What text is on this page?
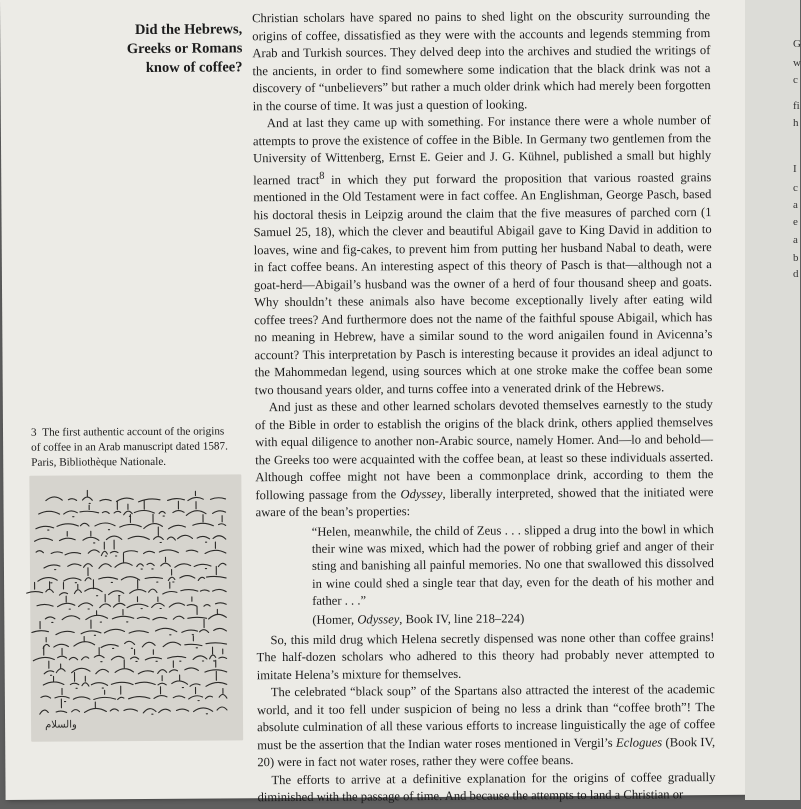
Did the Hebrews,
Greeks or Romans
know of coffee?

Christian scholars have spared no pains to shed light on the obscurity surrounding the origins of coffee, dissatisfied as they were with the accounts and legends stemming from Arab and Turkish sources. They delved deep into the archives and studied the writings of the ancients, in order to find somewhere some indication that the black drink was not a discovery of “unbelievers” but rather a much older drink which had merely been forgotten in the course of time. It was just a question of looking.

And at last they came up with something. For instance there were a whole number of attempts to prove the existence of coffee in the Bible. In Germany two gentlemen from the University of Wittenberg, Ernst E. Geier and J. G. Kühnel, published a small but highly learned tract$^8$ in which they put forward the proposition that various roasted grains mentioned in the Old Testament were in fact coffee. An Englishman, George Pasch, based his doctoral thesis in Leipzig around the claim that the five measures of parched corn (1 Samuel 25, 18), which the clever and beautiful Abigail gave to King David in addition to loaves, wine and fig-cakes, to prevent him from putting her husband Nabal to death, were in fact coffee beans. An interesting aspect of this theory of Pasch is that—although not a goat-herd—Abigail’s husband was the owner of a herd of four thousand sheep and goats. Why shouldn’t these animals also have become exceptionally lively after eating wild coffee trees? And furthermore does not the name of the faithful spouse Abigail, which has no meaning in Hebrew, have a similar sound to the word anigailen found in Avicenna’s account? This interpretation by Pasch is interesting because it provides an ideal adjunct to the Mahommedan legend, using sources which at one stroke make the coffee bean some two thousand years older, and turns coffee into a venerated drink of the Hebrews.

And just as these and other learned scholars devoted themselves earnestly to the study of the Bible in order to establish the origins of the black drink, others applied themselves with equal diligence to another non-Arabic source, namely Homer. And—lo and behold—the Greeks too were acquainted with the coffee bean, at least so these individuals asserted. Although coffee might not have been a commonplace drink, according to them the following passage from the Odyssey, liberally interpreted, showed that the initiated were aware of the bean’s properties:

“Helen, meanwhile, the child of Zeus . . . slipped a drug into the bowl in which their wine was mixed, which had the power of robbing grief and anger of their sting and banishing all painful memories. No one that swallowed this dissolved in wine could shed a single tear that day, even for the death of his mother and father . . .”
(Homer, Odyssey, Book IV, line 218–224)

So, this mild drug which Helena secretly dispensed was none other than coffee grains! The half-dozen scholars who adhered to this theory had probably never attempted to imitate Helena’s mixture for themselves.

The celebrated “black soup” of the Spartans also attracted the interest of the academic world, and it too fell under suspicion of being no less a drink than “coffee broth”! The absolute culmination of all these various efforts to increase linguistically the age of coffee must be the assertion that the Indian water roses mentioned in Vergil’s Eclogues (Book IV, 20) were in fact not water roses, rather they were coffee beans.

The efforts to arrive at a definitive explanation for the origins of coffee gradually diminished with the passage of time. And because the attempts to land a Christian or

3 The first authentic account of the origins of coffee in an Arab manuscript dated 1587. Paris, Bibliothèque Nationale.
والسلام
G
w
c
fi
h
I
c
a
e
a
b
d
